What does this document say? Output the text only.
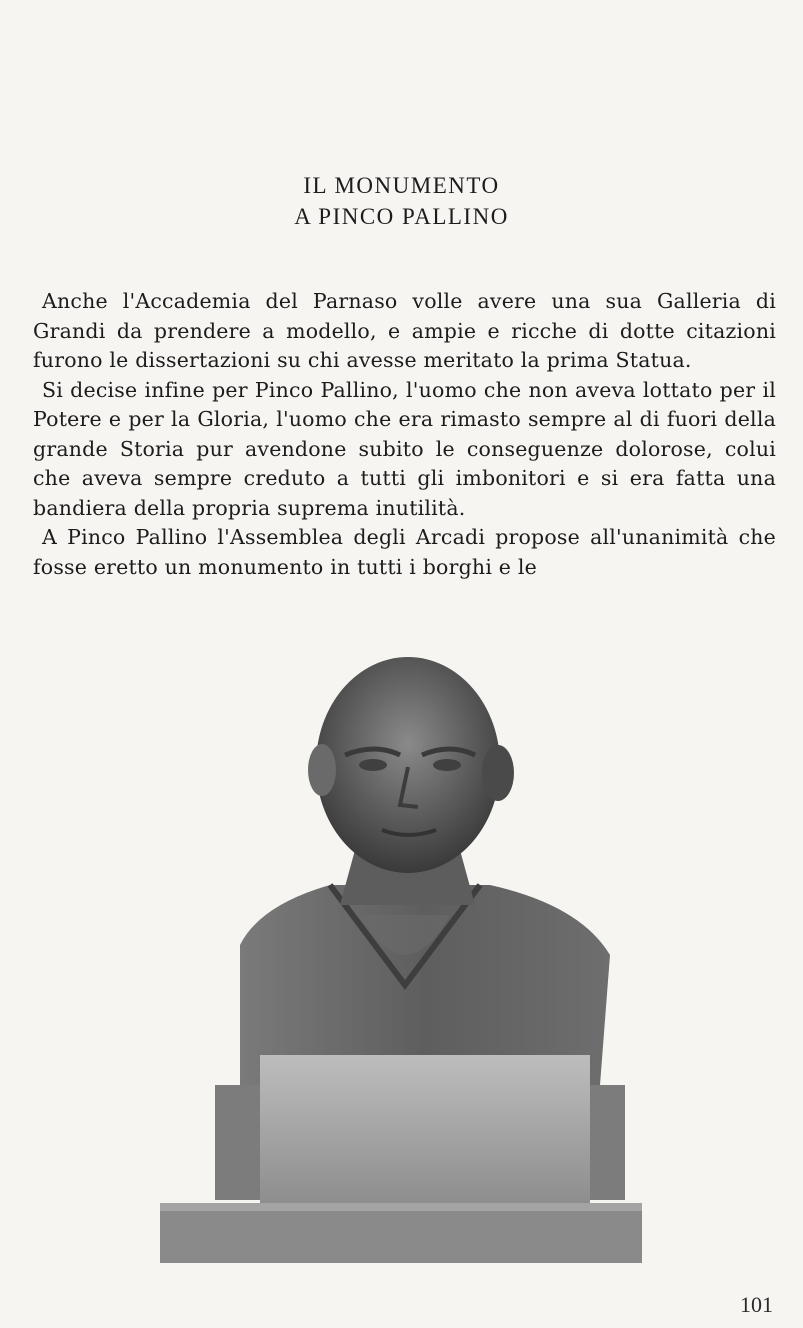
IL MONUMENTO
A PINCO PALLINO

Anche l'Accademia del Parnaso volle avere una sua Galleria di Grandi da prendere a modello, e ampie e ricche di dotte citazioni furono le dissertazioni su chi avesse meritato la prima Statua.

Si decise infine per Pinco Pallino, l'uomo che non aveva lottato per il Potere e per la Gloria, l'uomo che era rimasto sempre al di fuori della grande Storia pur avendone subito le conseguenze dolorose, colui che aveva sempre creduto a tutti gli imbonitori e si era fatta una bandiera della propria suprema inutilità.

A Pinco Pallino l'Assemblea degli Arcadi propose all'unanimità che fosse eretto un monumento in tutti i borghi e le

101
